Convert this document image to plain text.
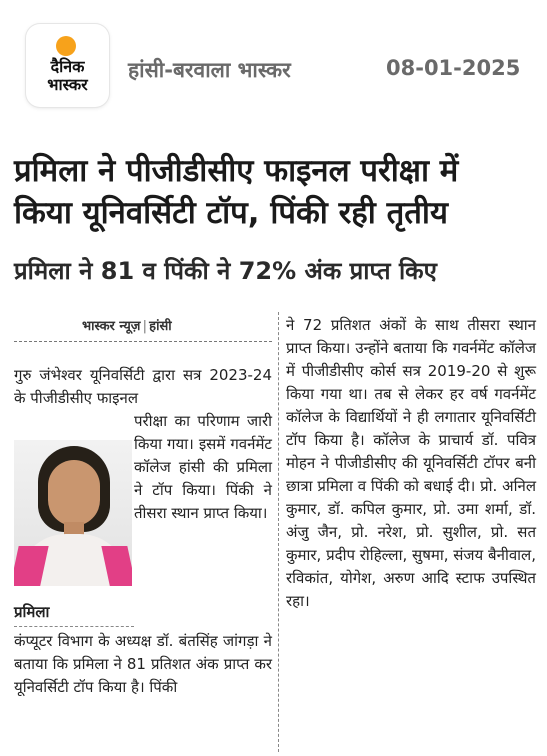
दैनिक
भास्कर
हांसी-बरवाला भास्कर	08-01-2025
प्रमिला ने पीजीडीसीए फाइनल परीक्षा में
किया यूनिवर्सिटी टॉप, पिंकी रही तृतीय
प्रमिला ने 81 व पिंकी ने 72% अंक प्राप्त किए
भास्कर न्यूज़ | हांसी

गुरु जंभेश्वर यूनिवर्सिटी द्वारा सत्र 2023-24 के पीजीडीसीए फाइनल

परीक्षा का परिणाम जारी किया गया। इसमें गवर्नमेंट कॉलेज हांसी की प्रमिला ने टॉप किया। पिंकी ने तीसरा स्थान प्राप्त किया।

प्रमिला

कंप्यूटर विभाग के अध्यक्ष डॉ. बंतसिंह जांगड़ा ने बताया कि प्रमिला ने 81 प्रतिशत अंक प्राप्त कर यूनिवर्सिटी टॉप किया है। पिंकी

ने 72 प्रतिशत अंकों के साथ तीसरा स्थान प्राप्त किया। उन्होंने बताया कि गवर्नमेंट कॉलेज में पीजीडीसीए कोर्स सत्र 2019-20 से शुरू किया गया था। तब से लेकर हर वर्ष गवर्नमेंट कॉलेज के विद्यार्थियों ने ही लगातार यूनिवर्सिटी टॉप किया है। कॉलेज के प्राचार्य डॉ. पवित्र मोहन ने पीजीडीसीए की यूनिवर्सिटी टॉपर बनी छात्रा प्रमिला व पिंकी को बधाई दी। प्रो. अनिल कुमार, डॉ. कपिल कुमार, प्रो. उमा शर्मा, डॉ. अंजु जैन, प्रो. नरेश, प्रो. सुशील, प्रो. सत कुमार, प्रदीप रोहिल्ला, सुषमा, संजय बैनीवाल, रविकांत, योगेश, अरुण आदि स्टाफ उपस्थित रहा।
